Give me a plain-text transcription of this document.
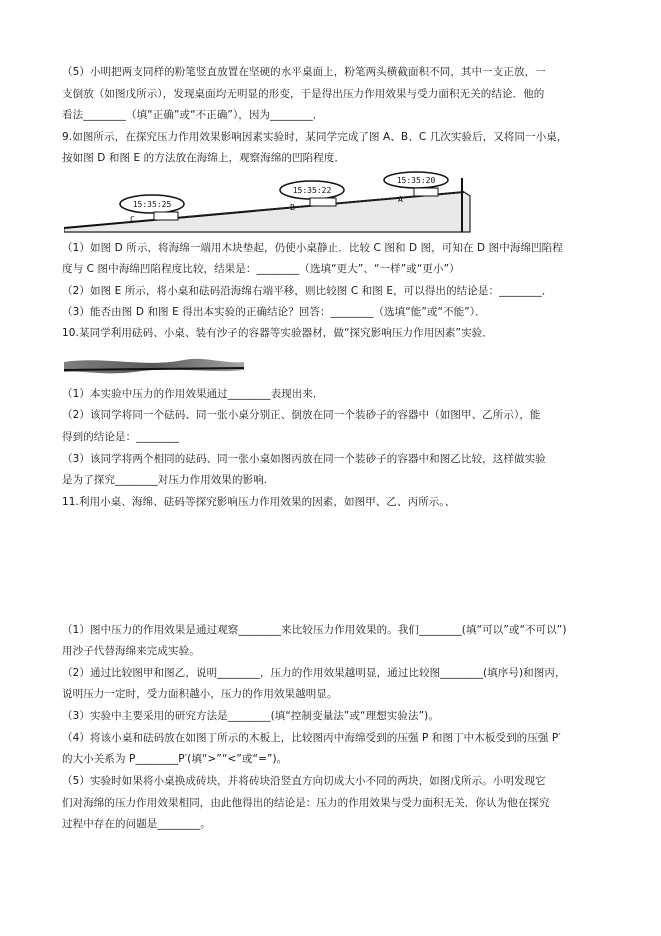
（5）小明把两支同样的粉笔竖直放置在坚硬的水平桌面上，粉笔两头横截面积不同，其中一支正放，一
支倒放（如图戊所示），发现桌面均无明显的形变，于是得出压力作用效果与受力面积无关的结论．他的
看法________（填“正确”或“不正确”），因为________．
9.如图所示，在探究压力作用效果影响因素实验时，某同学完成了图 A、B、C 几次实验后，又将同一小桌，
按如图 D 和图 E 的方法放在海绵上，观察海绵的凹陷程度．
15:35:25
C
15:35:22
B
15:35:20
A
（1）如图 D 所示，将海绵一端用木块垫起，仍使小桌静止．比较 C 图和 D 图，可知在 D 图中海绵凹陷程
度与 C 图中海绵凹陷程度比较，结果是：________（选填“更大”、“一样”或“更小”）
（2）如图 E 所示，将小桌和砝码沿海绵右端平移，则比较图 C 和图 E，可以得出的结论是：________．
（3）能否由图 D 和图 E 得出本实验的正确结论？回答：________（选填“能”或“不能”）．
10.某同学利用砝码、小桌、装有沙子的容器等实验器材，做“探究影响压力作用因素”实验．
（1）本实验中压力的作用效果通过________表现出来．
（2）该同学将同一个砝码、同一张小桌分别正、倒放在同一个装砂子的容器中（如图甲、乙所示），能
得到的结论是：________
（3）该同学将两个相同的砝码、同一张小桌如图丙放在同一个装砂子的容器中和图乙比较，这样做实验
是为了探究________对压力作用效果的影响.
11.利用小桌、海绵、砝码等探究影响压力作用效果的因素，如图甲、乙、丙所示。、
（1）图中压力的作用效果是通过观察________来比较压力作用效果的。我们________(填“可以”或“不可以”)
用沙子代替海绵来完成实验。
（2）通过比较图甲和图乙，说明________，压力的作用效果越明显，通过比较图________(填序号)和图丙，
说明压力一定时，受力面积越小，压力的作用效果越明显。
（3）实验中主要采用的研究方法是________(填“控制变量法”或“理想实验法”)。
（4）将该小桌和砝码放在如图丁所示的木板上，比较图丙中海绵受到的压强 P 和图丁中木板受到的压强 P′
的大小关系为 P________P′(填“>”“<”或“=”)。
（5）实验时如果将小桌换成砖块，并将砖块沿竖直方向切成大小不同的两块，如图戊所示。小明发现它
们对海绵的压力作用效果相同，由此他得出的结论是：压力的作用效果与受力面积无关．你认为他在探究
过程中存在的问题是________。
